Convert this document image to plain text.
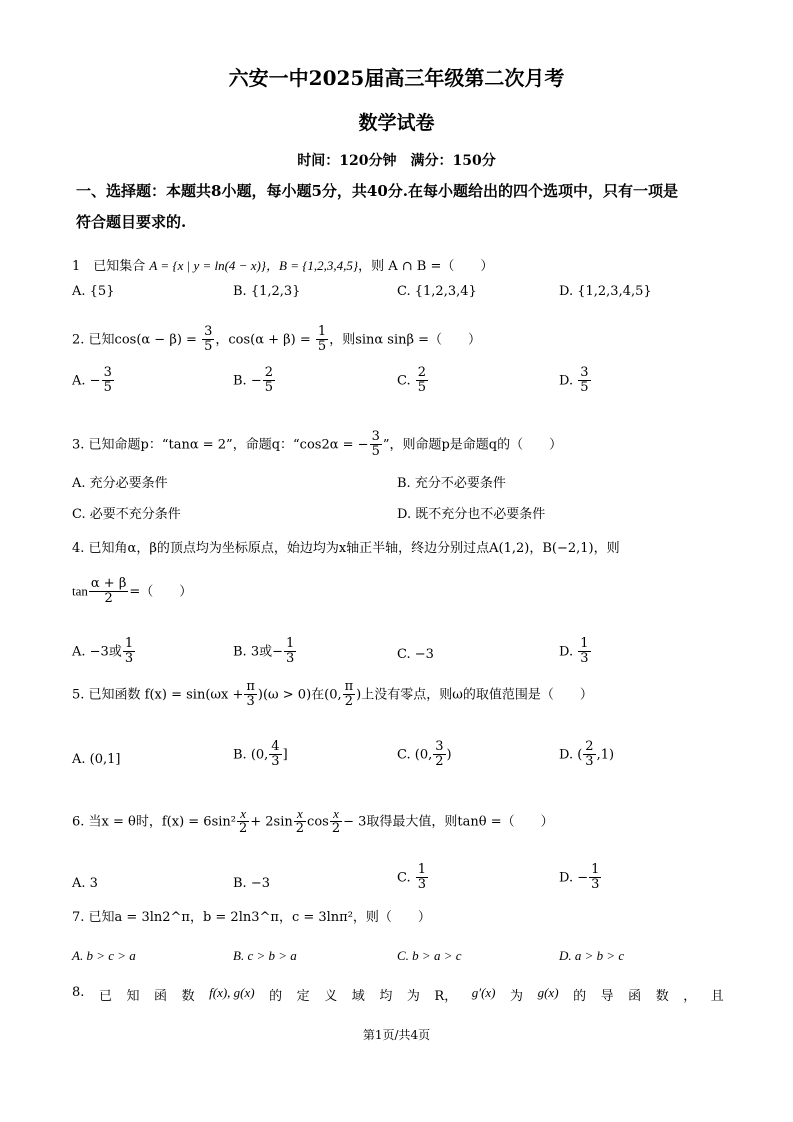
六安一中2025届高三年级第二次月考
数学试卷
时间：120分钟　满分：150分
一、选择题：本题共8小题，每小题5分，共40分.在每小题给出的四个选项中，只有一项是
符合题目要求的.
1　已知集合 A = {x | y = ln(4 − x)}，B = {1,2,3,4,5}，则 A ∩ B =（　　）
A. {5}	B. {1,2,3}	C. {1,2,3,4}	D. {1,2,3,4,5}
2. 已知$\cos(\alpha - \beta) = \frac{3}{5}$ ，$\cos(\alpha + \beta) = \frac{1}{5}$ ，则sinα sinβ =（　　）
A. − $\frac{3}{5}$	B. − $\frac{2}{5}$	C. $\frac{2}{5}$	D. $\frac{3}{5}$
3. 已知命题p：“tanα = 2”，命题q：“cos2α = − $\frac{3}{5}$ ”，则命题p是命题q的（　　）
A. 充分必要条件	B. 充分不必要条件
C. 必要不充分条件	D. 既不充分也不必要条件
4. 已知角α，β的顶点均为坐标原点，始边均为x轴正半轴，终边分别过点A(1,2)，B(−2,1)，则
$\tan \frac{\alpha + \beta}{2}$ =（　　）
A. −3或 $\frac{1}{3}$	B. 3或− $\frac{1}{3}$	C. −3	D. $\frac{1}{3}$
5. 已知函数 $f(x) = \sin(\omega x + \frac{\pi}{3} )(\omega > 0)$在(0, $\frac{\pi}{2}$ )上没有零点，则ω的取值范围是（　　）
A. (0,1]	B. (0, $\frac{4}{3}$ ]	C. (0, $\frac{3}{2}$ )	D. ( $\frac{2}{3} ,1$)
6. 当x = θ时，$f(x) = 6\sin^2 \frac{x}{2} + 2\sin \frac{x}{2}$ $\cos \frac{x}{2} - 3$取得最大值，则tanθ =（　　）
A. 3	B. −3	C. $\frac{1}{3}$	D. − $\frac{1}{3}$
7. 已知a = 3ln2^π，b = 2ln3^π，c = 3lnπ²，则（　　）
A. b > c > a	B. c > b > a	C. b > a > c	D. a > b > c
8. 已 知 函 数 f(x), g(x) 的 定 义 域 均 为 R， g′(x) 为 g(x) 的 导 函 数 ， 且
第1页/共4页
